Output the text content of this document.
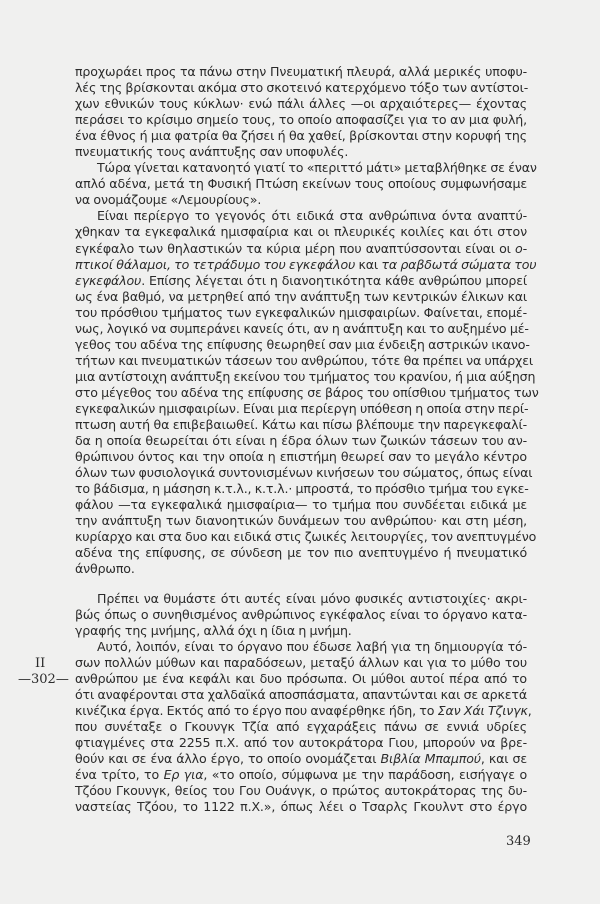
προχωράει προς τα πάνω στην Πνευματική πλευρά, αλλά μερικές υποφυ-
λές της βρίσκονται ακόμα στο σκοτεινό κατερχόμενο τόξο των αντίστοι-
χων εθνικών τους κύκλων· ενώ πάλι άλλες —οι αρχαιότερες— έχοντας
περάσει το κρίσιμο σημείο τους, το οποίο αποφασίζει για το αν μια φυλή,
ένα έθνος ή μια φατρία θα ζήσει ή θα χαθεί, βρίσκονται στην κορυφή της
πνευματικής τους ανάπτυξης σαν υποφυλές.

Τώρα γίνεται κατανοητό γιατί το «περιττό μάτι» μεταβλήθηκε σε έναν
απλό αδένα, μετά τη Φυσική Πτώση εκείνων τους οποίους συμφωνήσαμε
να ονομάζουμε «Λεμουρίους».

Είναι περίεργο το γεγονός ότι ειδικά στα ανθρώπινα όντα αναπτύ-
χθηκαν τα εγκεφαλικά ημισφαίρια και οι πλευρικές κοιλίες και ότι στον
εγκέφαλο των θηλαστικών τα κύρια μέρη που αναπτύσσονται είναι οι ο-
πτικοί θάλαμοι, το τετράδυμο του εγκεφάλου και τα ραβδωτά σώματα του
εγκεφάλου. Επίσης λέγεται ότι η διανοητικότητα κάθε ανθρώπου μπορεί
ως ένα βαθμό, να μετρηθεί από την ανάπτυξη των κεντρικών έλικων και
του πρόσθιου τμήματος των εγκεφαλικών ημισφαιρίων. Φαίνεται, επομέ-
νως, λογικό να συμπεράνει κανείς ότι, αν η ανάπτυξη και το αυξημένο μέ-
γεθος του αδένα της επίφυσης θεωρηθεί σαν μια ένδειξη αστρικών ικανο-
τήτων και πνευματικών τάσεων του ανθρώπου, τότε θα πρέπει να υπάρχει
μια αντίστοιχη ανάπτυξη εκείνου του τμήματος του κρανίου, ή μια αύξηση
στο μέγεθος του αδένα της επίφυσης σε βάρος του οπίσθιου τμήματος των
εγκεφαλικών ημισφαιρίων. Είναι μια περίεργη υπόθεση η οποία στην περί-
πτωση αυτή θα επιβεβαιωθεί. Κάτω και πίσω βλέπουμε την παρεγκεφαλί-
δα η οποία θεωρείται ότι είναι η έδρα όλων των ζωικών τάσεων του αν-
θρώπινου όντος και την οποία η επιστήμη θεωρεί σαν το μεγάλο κέντρο
όλων των φυσιολογικά συντονισμένων κινήσεων του σώματος, όπως είναι
το βάδισμα, η μάσηση κ.τ.λ., κ.τ.λ.· μπροστά, το πρόσθιο τμήμα του εγκε-
φάλου —τα εγκεφαλικά ημισφαίρια— το τμήμα που συνδέεται ειδικά με
την ανάπτυξη των διανοητικών δυνάμεων του ανθρώπου· και στη μέση,
κυρίαρχο και στα δυο και ειδικά στις ζωικές λειτουργίες, τον ανεπτυγμένο
αδένα της επίφυσης, σε σύνδεση με τον πιο ανεπτυγμένο ή πνευματικό
άνθρωπο.

Πρέπει να θυμάστε ότι αυτές είναι μόνο φυσικές αντιστοιχίες· ακρι-
βώς όπως ο συνηθισμένος ανθρώπινος εγκέφαλος είναι το όργανο κατα-
γραφής της μνήμης, αλλά όχι η ίδια η μνήμη.

Αυτό, λοιπόν, είναι το όργανο που έδωσε λαβή για τη δημιουργία τό-
σων πολλών μύθων και παραδόσεων, μεταξύ άλλων και για το μύθο του
ανθρώπου με ένα κεφάλι και δυο πρόσωπα. Οι μύθοι αυτοί πέρα από το
ότι αναφέρονται στα χαλδαϊκά αποσπάσματα, απαντώνται και σε αρκετά
κινέζικα έργα. Εκτός από το έργο που αναφέρθηκε ήδη, το Σαν Χάι Τζινγκ,
που συνέταξε ο Γκουνγκ Τζία από εγχαράξεις πάνω σε εννιά υδρίες
φτιαγμένες στα 2255 π.Χ. από τον αυτοκράτορα Γιου, μπορούν να βρε-
θούν και σε ένα άλλο έργο, το οποίο ονομάζεται Βιβλία Μπαμπού, και σε
ένα τρίτο, το Ερ για, «το οποίο, σύμφωνα με την παράδοση, εισήγαγε ο
Τζόου Γκουνγκ, θείος του Γου Ουάνγκ, ο πρώτος αυτοκράτορας της δυ-
ναστείας Τζόου, το 1122 π.Χ.», όπως λέει ο Τσαρλς Γκουλντ στο έργο

II
—302—
349
